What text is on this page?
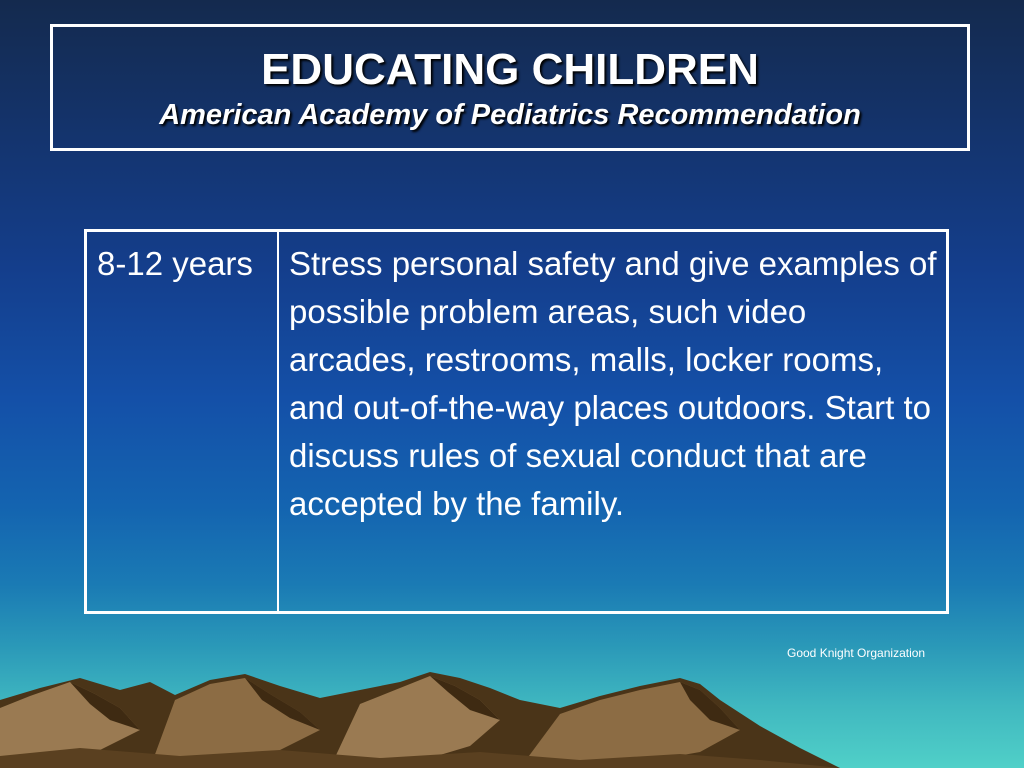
EDUCATING CHILDREN
American Academy of Pediatrics Recommendation
8-12 years	Stress personal safety and give examples of possible problem areas, such video arcades, restrooms, malls, locker rooms, and out-of-the-way places outdoors. Start to discuss rules of sexual conduct that are accepted by the family.
Good Knight Organization
